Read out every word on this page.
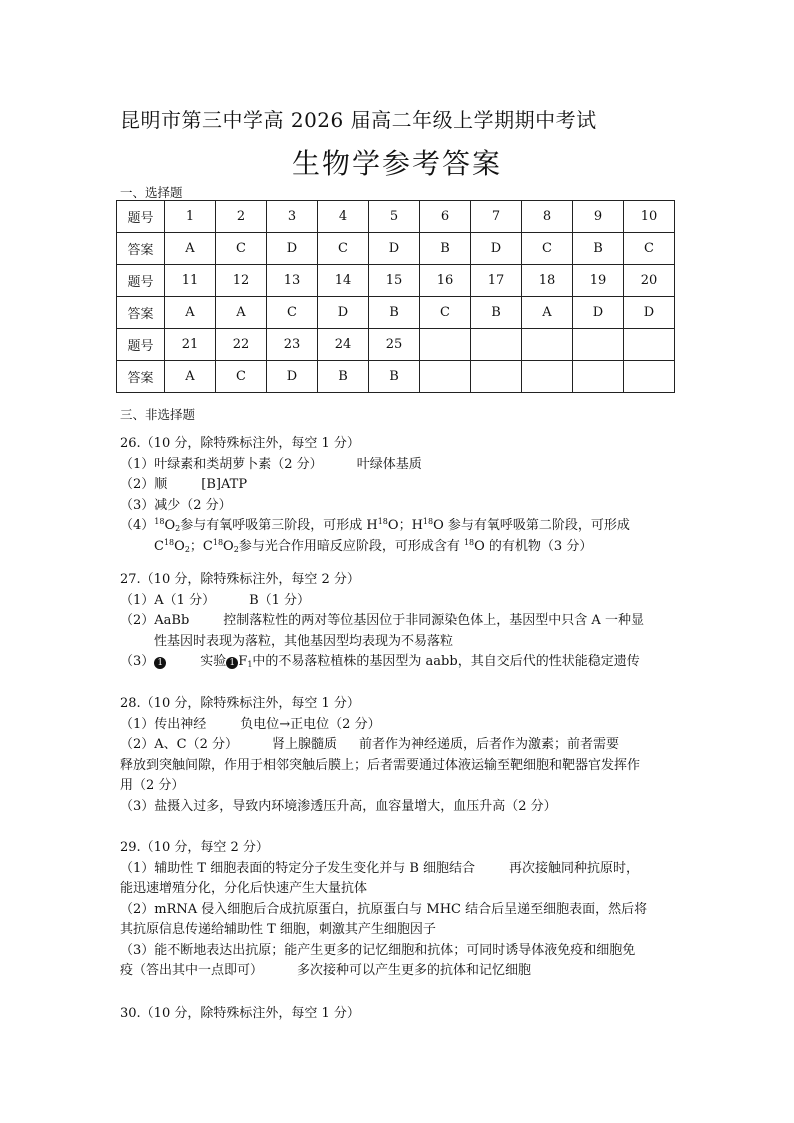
昆明市第三中学高 2026 届高二年级上学期期中考试
生物学参考答案
一、选择题
题号	1	2	3	4	5	6	7	8	9	10
答案	A	C	D	C	D	B	D	C	B	C
题号	11	12	13	14	15	16	17	18	19	20
答案	A	A	C	D	B	C	B	A	D	D
题号	21	22	23	24	25					
答案	A	C	D	B	B					
三、非选择题

26.（10 分，除特殊标注外，每空 1 分）

（1）叶绿素和类胡萝卜素（2 分）	叶绿体基质

（2）顺	[B]ATP

（3）减少（2 分）

$(4)^{18}O_2$参与有氧呼吸第三阶段，可形成 $H^{18}O$；$H^{18}O$ 参与有氧呼吸第二阶段，可形成

$C^{18}O_2$；$C^{18}O_2$参与光合作用暗反应阶段，可形成含有 $^{18}$O 的有机物（3 分）

27.（10 分，除特殊标注外，每空 2 分）

（1）A（1 分）	B（1 分）

（2）AaBb	控制落粒性的两对等位基因位于非同源染色体上，基因型中只含 A 一种显

性基因时表现为落粒，其他基因型均表现为不易落粒

（3） 1	实验 1 $F_1$中的不易落粒植株的基因型为 aabb，其自交后代的性状能稳定遗传

28.（10 分，除特殊标注外，每空 1 分）

（1）传出神经	负电位→正电位（2 分）

（2）A、C（2 分）	肾上腺髓质 前者作为神经递质，后者作为激素；前者需要

释放到突触间隙，作用于相邻突触后膜上；后者需要通过体液运输至靶细胞和靶器官发挥作

用（2 分）

（3）盐摄入过多，导致内环境渗透压升高，血容量增大，血压升高（2 分）

29.（10 分，每空 2 分）

（1）辅助性 T 细胞表面的特定分子发生变化并与 B 细胞结合	再次接触同种抗原时，

能迅速增殖分化，分化后快速产生大量抗体

（2）mRNA 侵入细胞后合成抗原蛋白，抗原蛋白与 MHC 结合后呈递至细胞表面，然后将

其抗原信息传递给辅助性 T 细胞，刺激其产生细胞因子

（3）能不断地表达出抗原；能产生更多的记忆细胞和抗体；可同时诱导体液免疫和细胞免

疫（答出其中一点即可）	多次接种可以产生更多的抗体和记忆细胞

30.（10 分，除特殊标注外，每空 1 分）
